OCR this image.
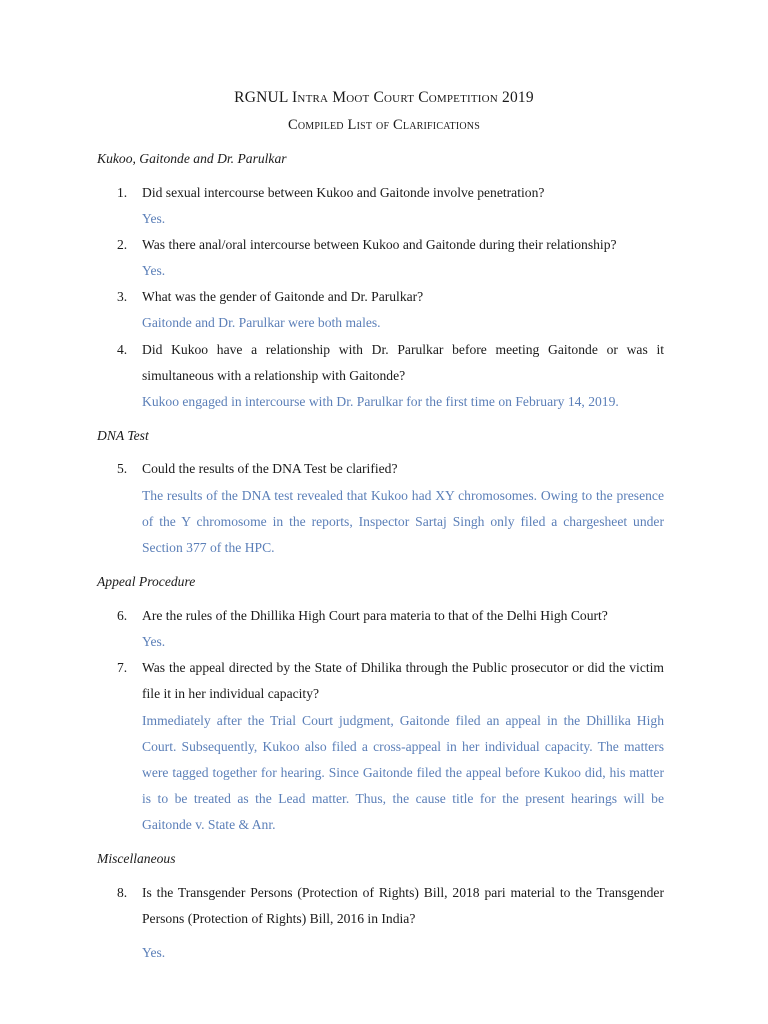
RGNUL Intra Moot Court Competition 2019
Compiled List of Clarifications
Kukoo, Gaitonde and Dr. Parulkar
1. Did sexual intercourse between Kukoo and Gaitonde involve penetration?
Yes.
2. Was there anal/oral intercourse between Kukoo and Gaitonde during their relationship?
Yes.
3. What was the gender of Gaitonde and Dr. Parulkar?
Gaitonde and Dr. Parulkar were both males.
4. Did Kukoo have a relationship with Dr. Parulkar before meeting Gaitonde or was it simultaneous with a relationship with Gaitonde?
Kukoo engaged in intercourse with Dr. Parulkar for the first time on February 14, 2019.
DNA Test
5. Could the results of the DNA Test be clarified?
The results of the DNA test revealed that Kukoo had XY chromosomes. Owing to the presence of the Y chromosome in the reports, Inspector Sartaj Singh only filed a chargesheet under Section 377 of the HPC.
Appeal Procedure
6. Are the rules of the Dhillika High Court para materia to that of the Delhi High Court?
Yes.
7. Was the appeal directed by the State of Dhilika through the Public prosecutor or did the victim file it in her individual capacity?
Immediately after the Trial Court judgment, Gaitonde filed an appeal in the Dhillika High Court. Subsequently, Kukoo also filed a cross-appeal in her individual capacity. The matters were tagged together for hearing. Since Gaitonde filed the appeal before Kukoo did, his matter is to be treated as the Lead matter. Thus, the cause title for the present hearings will be Gaitonde v. State & Anr.
Miscellaneous
8. Is the Transgender Persons (Protection of Rights) Bill, 2018 pari material to the Transgender Persons (Protection of Rights) Bill, 2016 in India?
Yes.
